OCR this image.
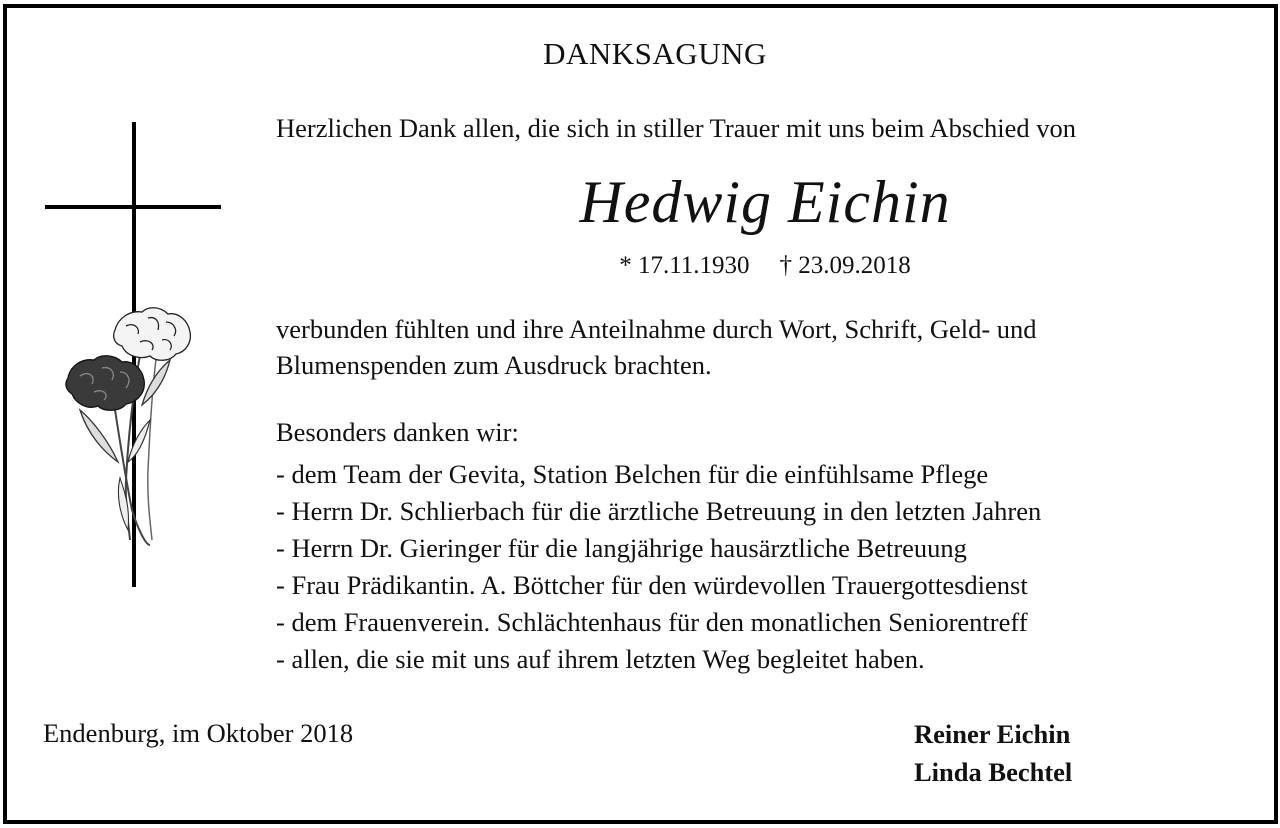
DANKSAGUNG
Herzlichen Dank allen, die sich in stiller Trauer mit uns beim Abschied von
Hedwig Eichin
* 17.11.1930 † 23.09.2018
verbunden fühlten und ihre Anteilnahme durch Wort, Schrift, Geld- und
Blumenspenden zum Ausdruck brachten.
Besonders danken wir:
- dem Team der Gevita, Station Belchen für die einfühlsame Pflege
- Herrn Dr. Schlierbach für die ärztliche Betreuung in den letzten Jahren
- Herrn Dr. Gieringer für die langjährige hausärztliche Betreuung
- Frau Prädikantin. A. Böttcher für den würdevollen Trauergottesdienst
- dem Frauenverein. Schlächtenhaus für den monatlichen Seniorentreff
- allen, die sie mit uns auf ihrem letzten Weg begleitet haben.
Endenburg, im Oktober 2018	Reiner Eichin
Linda Bechtel
